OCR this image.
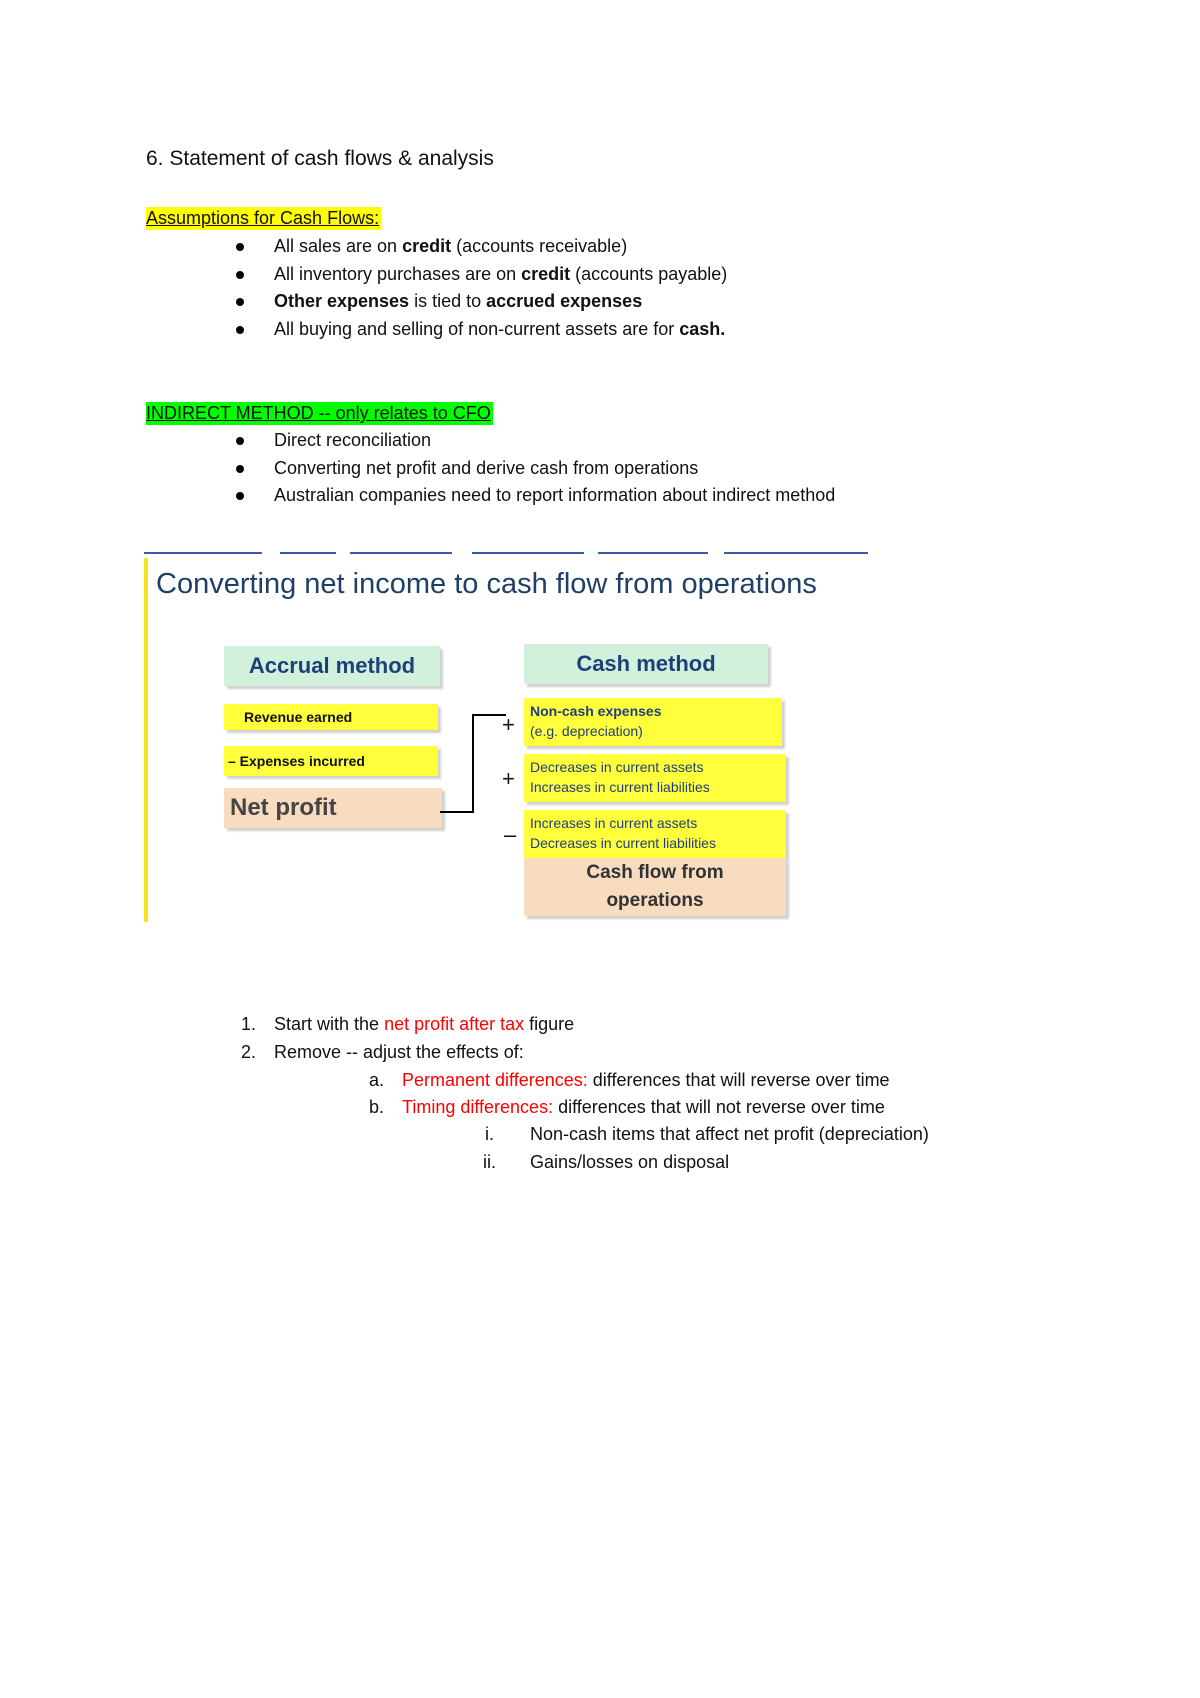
6. Statement of cash flows & analysis
Assumptions for Cash Flows:
All sales are on credit (accounts receivable)
All inventory purchases are on credit (accounts payable)
Other expenses is tied to accrued expenses
All buying and selling of non-current assets are for cash.
INDIRECT METHOD -- only relates to CFO
Direct reconciliation
Converting net profit and derive cash from operations
Australian companies need to report information about indirect method
Converting net income to cash flow from operations
Accrual method	Cash method
Revenue earned
– Expenses incurred
Net profit
+
+
–
Non-cash expenses
(e.g. depreciation)
Decreases in current assets
Increases in current liabilities
Increases in current assets
Decreases in current liabilities
Cash flow from
operations
1. Start with the net profit after tax figure
2. Remove -- adjust the effects of:
a. Permanent differences: differences that will reverse over time
b. Timing differences: differences that will not reverse over time
i. Non-cash items that affect net profit (depreciation)
ii. Gains/losses on disposal
